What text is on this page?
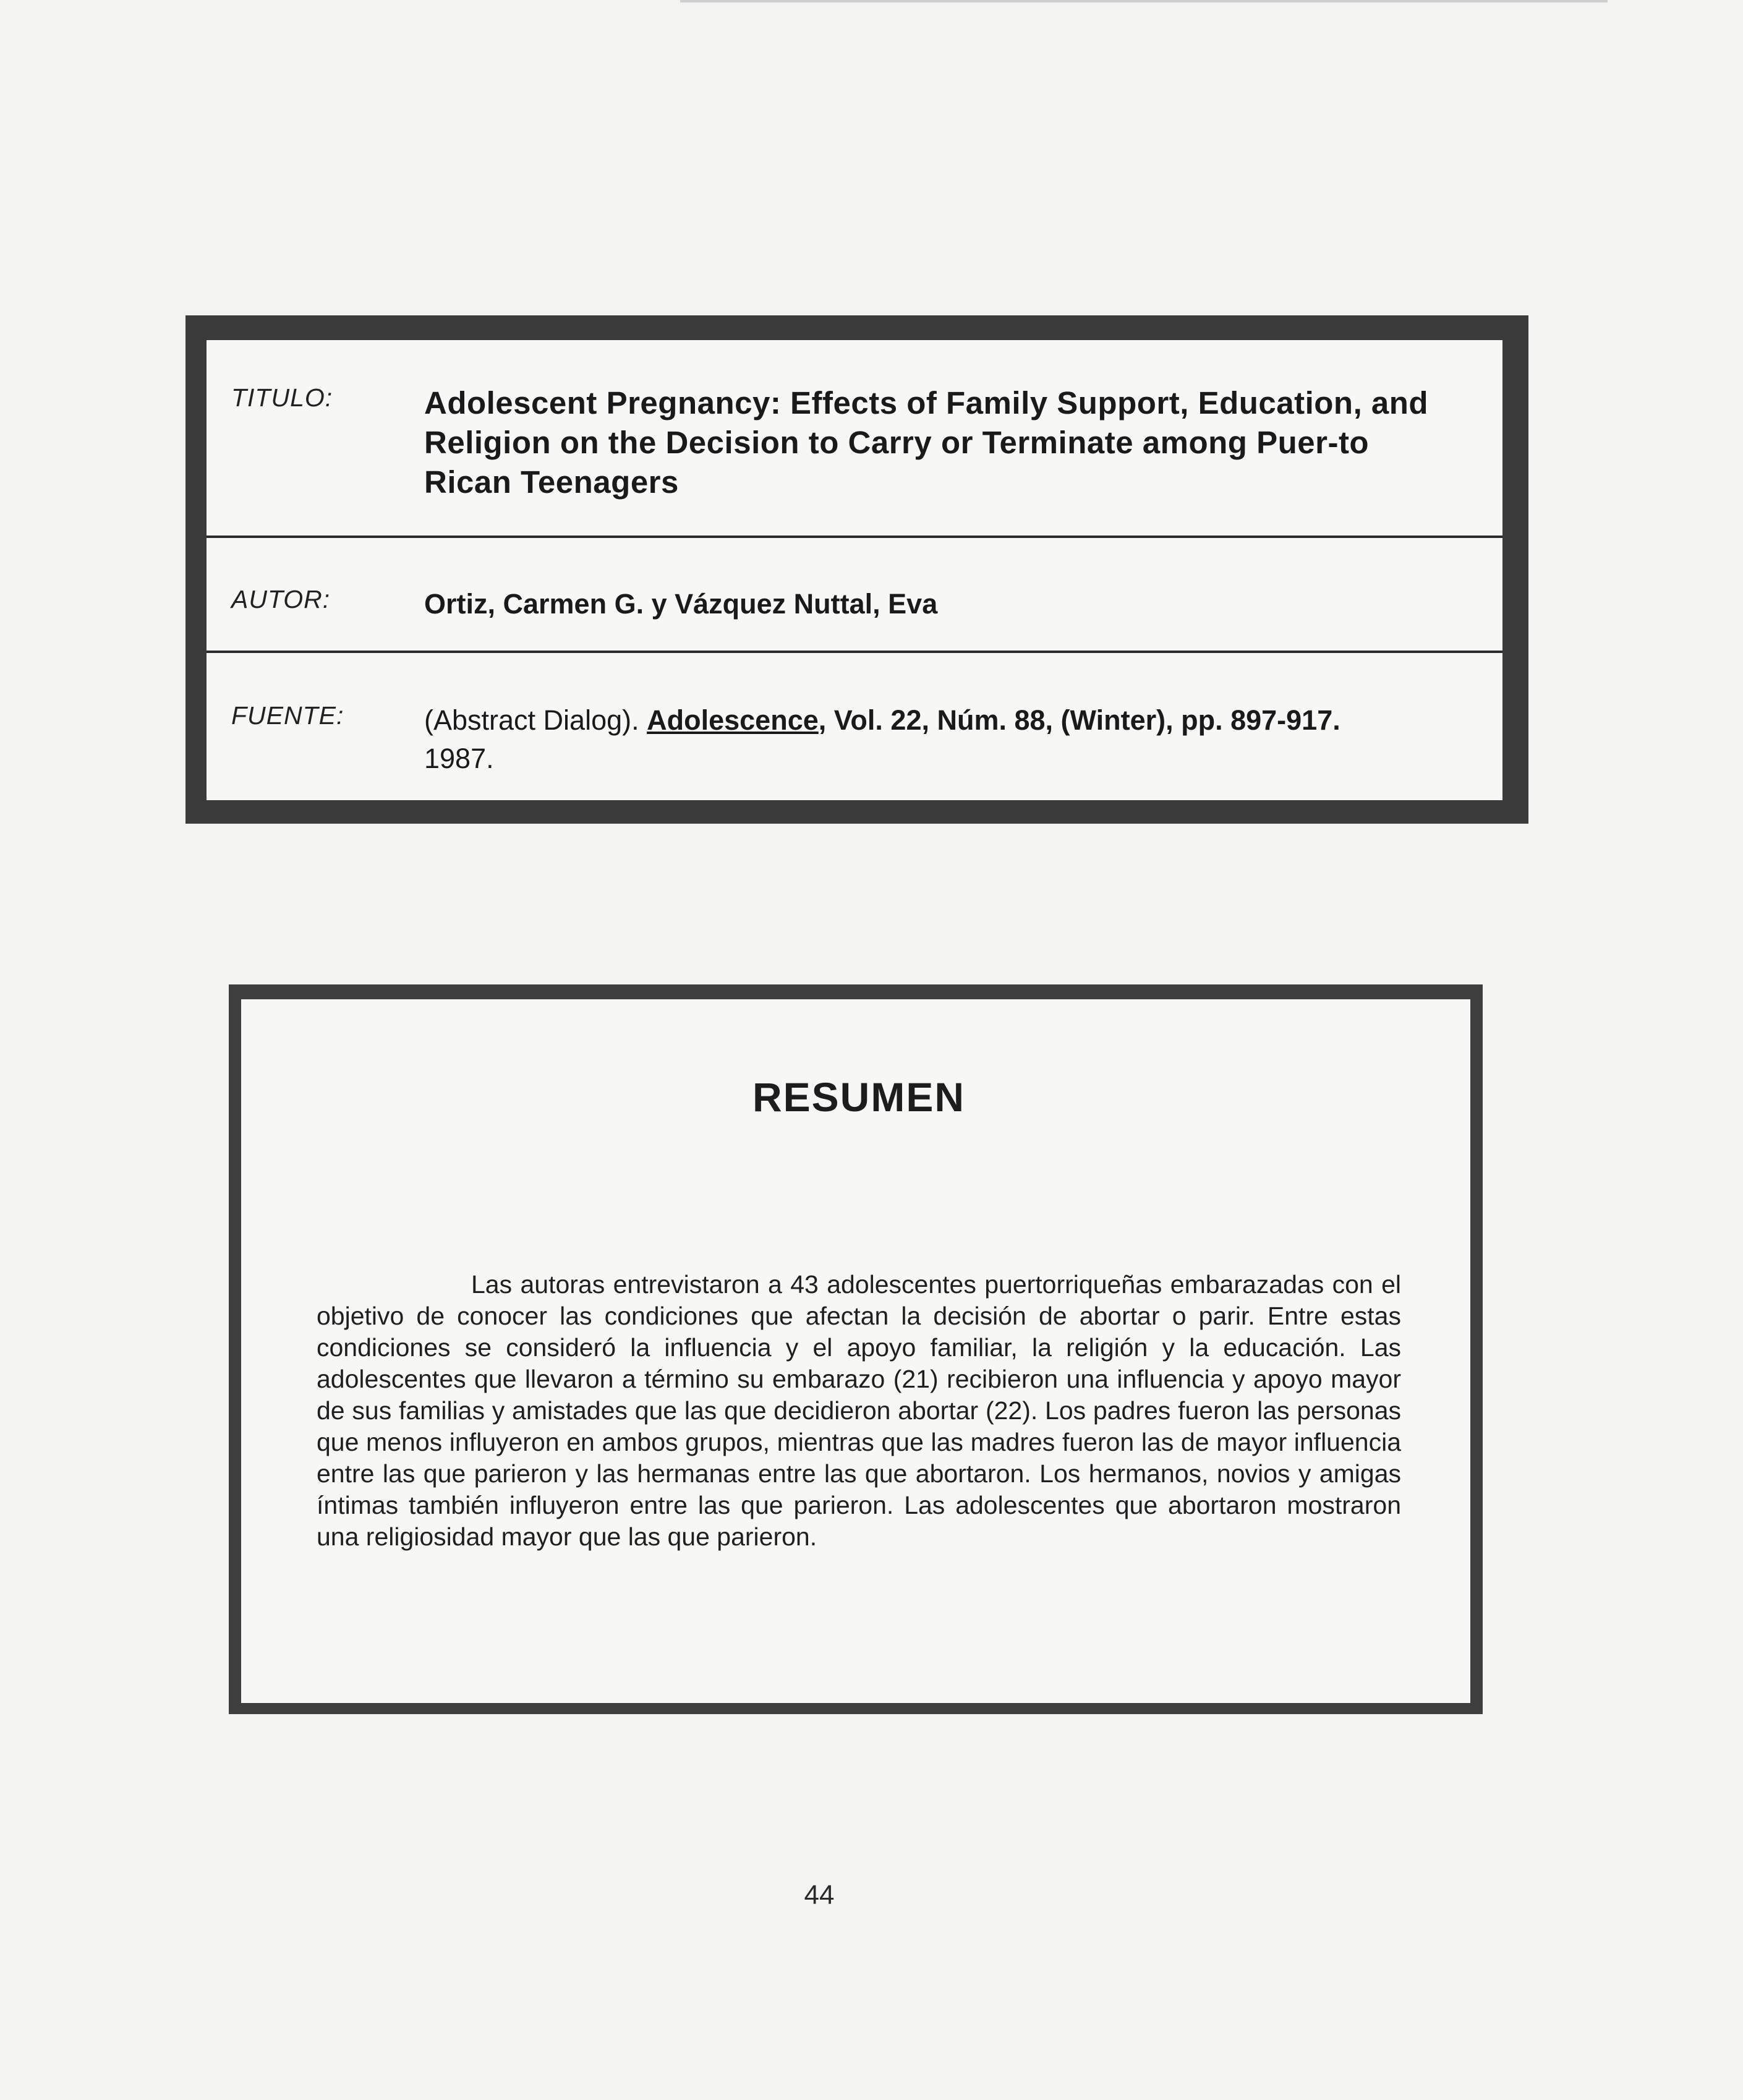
TITULO:	Adolescent Pregnancy: Effects of Family Support, Education, and Religion on the Decision to Carry or Terminate among Puer-to Rican Teenagers
AUTOR:	Ortiz, Carmen G. y Vázquez Nuttal, Eva
FUENTE:	(Abstract Dialog). Adolescence, Vol. 22, Núm. 88, (Winter), pp. 897-917.
1987.
RESUMEN

Las autoras entrevistaron a 43 adolescentes puertorriqueñas embarazadas con el objetivo de conocer las condiciones que afectan la decisión de abortar o parir. Entre estas condiciones se consideró la influencia y el apoyo familiar, la religión y la educación. Las adolescentes que llevaron a término su embarazo (21) recibieron una influencia y apoyo mayor de sus familias y amistades que las que decidieron abortar (22). Los padres fueron las personas que menos influyeron en ambos grupos, mientras que las madres fueron las de mayor influencia entre las que parieron y las hermanas entre las que abortaron. Los hermanos, novios y amigas íntimas también influyeron entre las que parieron. Las adolescentes que abortaron mostraron una religiosidad mayor que las que parieron.

44
